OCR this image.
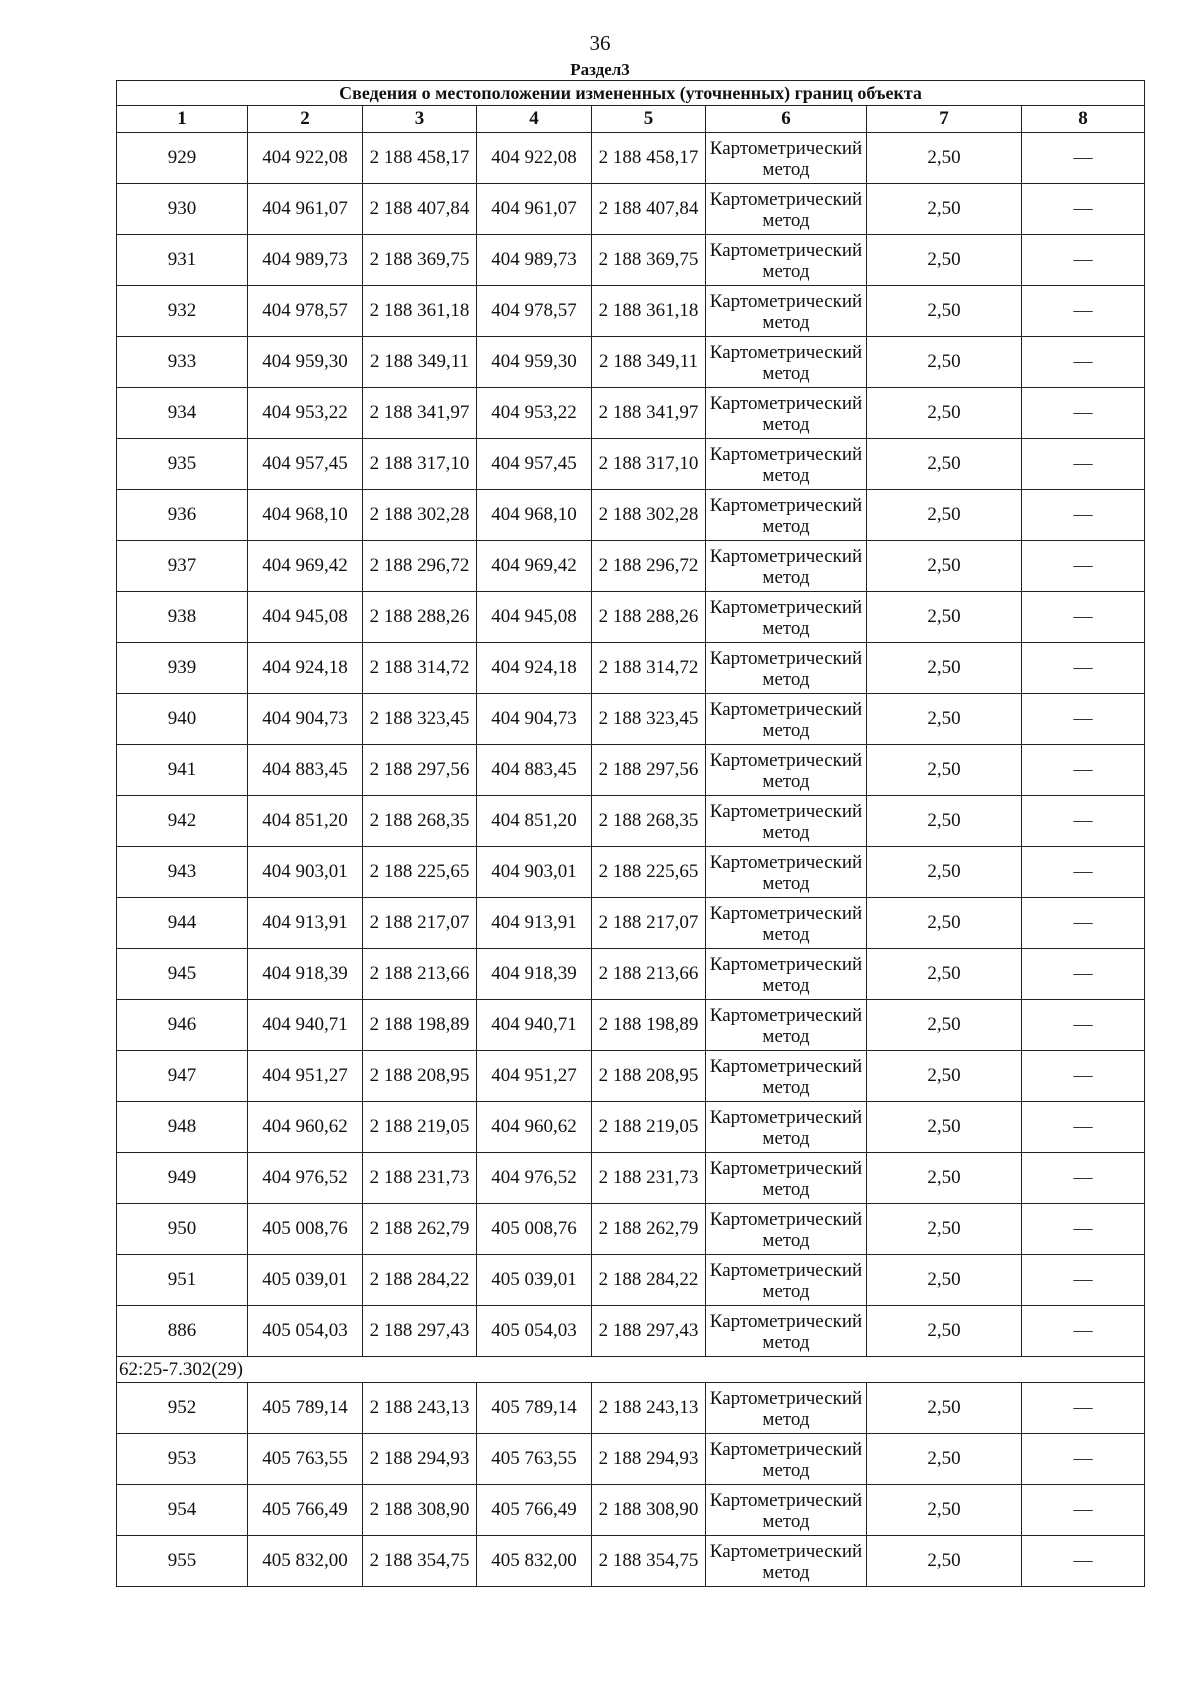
36
Раздел3
Сведения о местоположении измененных (уточненных) границ объекта							
1	2	3	4	5	6	7	8
929	404 922,08	2 188 458,17	404 922,08	2 188 458,17	Картометрический метод	2,50	—
930	404 961,07	2 188 407,84	404 961,07	2 188 407,84	Картометрический метод	2,50	—
931	404 989,73	2 188 369,75	404 989,73	2 188 369,75	Картометрический метод	2,50	—
932	404 978,57	2 188 361,18	404 978,57	2 188 361,18	Картометрический метод	2,50	—
933	404 959,30	2 188 349,11	404 959,30	2 188 349,11	Картометрический метод	2,50	—
934	404 953,22	2 188 341,97	404 953,22	2 188 341,97	Картометрический метод	2,50	—
935	404 957,45	2 188 317,10	404 957,45	2 188 317,10	Картометрический метод	2,50	—
936	404 968,10	2 188 302,28	404 968,10	2 188 302,28	Картометрический метод	2,50	—
937	404 969,42	2 188 296,72	404 969,42	2 188 296,72	Картометрический метод	2,50	—
938	404 945,08	2 188 288,26	404 945,08	2 188 288,26	Картометрический метод	2,50	—
939	404 924,18	2 188 314,72	404 924,18	2 188 314,72	Картометрический метод	2,50	—
940	404 904,73	2 188 323,45	404 904,73	2 188 323,45	Картометрический метод	2,50	—
941	404 883,45	2 188 297,56	404 883,45	2 188 297,56	Картометрический метод	2,50	—
942	404 851,20	2 188 268,35	404 851,20	2 188 268,35	Картометрический метод	2,50	—
943	404 903,01	2 188 225,65	404 903,01	2 188 225,65	Картометрический метод	2,50	—
944	404 913,91	2 188 217,07	404 913,91	2 188 217,07	Картометрический метод	2,50	—
945	404 918,39	2 188 213,66	404 918,39	2 188 213,66	Картометрический метод	2,50	—
946	404 940,71	2 188 198,89	404 940,71	2 188 198,89	Картометрический метод	2,50	—
947	404 951,27	2 188 208,95	404 951,27	2 188 208,95	Картометрический метод	2,50	—
948	404 960,62	2 188 219,05	404 960,62	2 188 219,05	Картометрический метод	2,50	—
949	404 976,52	2 188 231,73	404 976,52	2 188 231,73	Картометрический метод	2,50	—
950	405 008,76	2 188 262,79	405 008,76	2 188 262,79	Картометрический метод	2,50	—
951	405 039,01	2 188 284,22	405 039,01	2 188 284,22	Картометрический метод	2,50	—
886	405 054,03	2 188 297,43	405 054,03	2 188 297,43	Картометрический метод	2,50	—
62:25-7.302(29)							
952	405 789,14	2 188 243,13	405 789,14	2 188 243,13	Картометрический метод	2,50	—
953	405 763,55	2 188 294,93	405 763,55	2 188 294,93	Картометрический метод	2,50	—
954	405 766,49	2 188 308,90	405 766,49	2 188 308,90	Картометрический метод	2,50	—
955	405 832,00	2 188 354,75	405 832,00	2 188 354,75	Картометрический метод	2,50	—
